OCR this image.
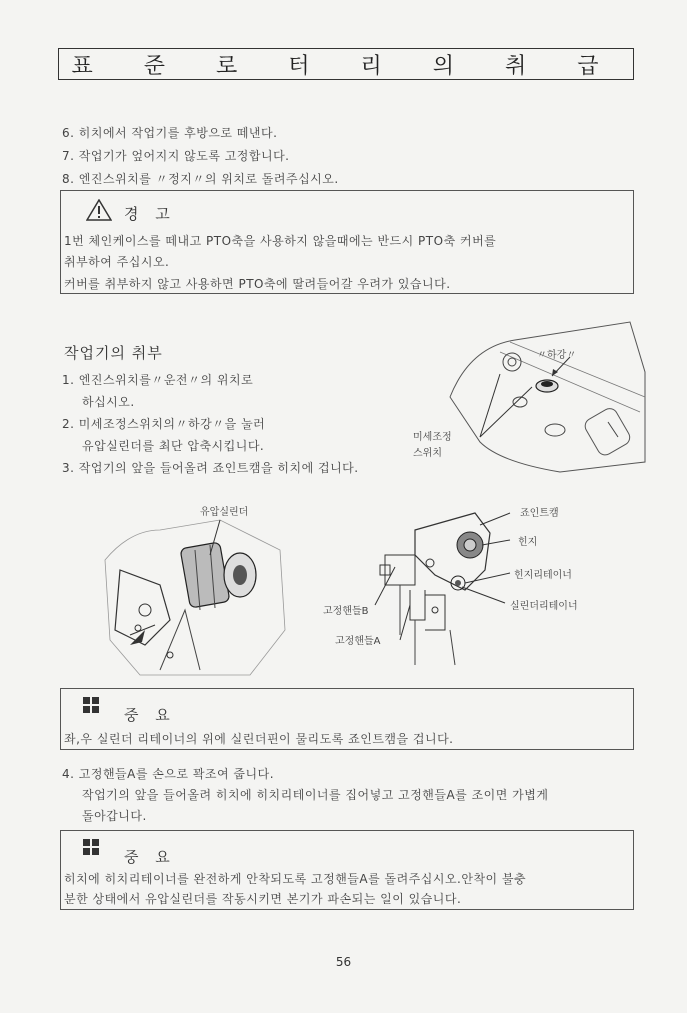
표 준 로 터 리 의 취 급
6. 히치에서 작업기를 후방으로 떼낸다.
7. 작업기가 엎어지지 않도록 고정합니다.
8. 엔진스위치를 〃정지〃의 위치로 돌려주십시오.
경 고
1번 체인케이스를 떼내고 PTO축을 사용하지 않을때에는 반드시 PTO축 커버를
취부하여 주십시오.
커버를 취부하지 않고 사용하면 PTO축에 딸려들어갈 우려가 있습니다.
작업기의 취부
1. 엔진스위치를〃운전〃의 위치로
하십시오.
2. 미세조정스위치의〃하강〃을 눌러
유압실린더를 최단 압축시킵니다.
3. 작업기의 앞을 들어올려 죠인트캠을 히치에 겁니다.
〃하강〃
미세조정
스위치
유압실린더	죠인트캠
힌지
힌지리테이너
실린더리테이너
고정핸들B
고정핸들A
중 요
좌,우 실린더 리테이너의 위에 실린더핀이 물리도록 죠인트캠을 겁니다.
4. 고정핸들A를 손으로 꽉조여 줍니다.
작업기의 앞을 들어올려 히치에 히치리테이너를 집어넣고 고정핸들A를 조이면 가볍게
돌아갑니다.
중 요
히치에 히치리테이너를 완전하게 안착되도록 고정핸들A를 돌려주십시오.안착이 불충
분한 상태에서 유압실린더를 작동시키면 본기가 파손되는 일이 있습니다.
56
